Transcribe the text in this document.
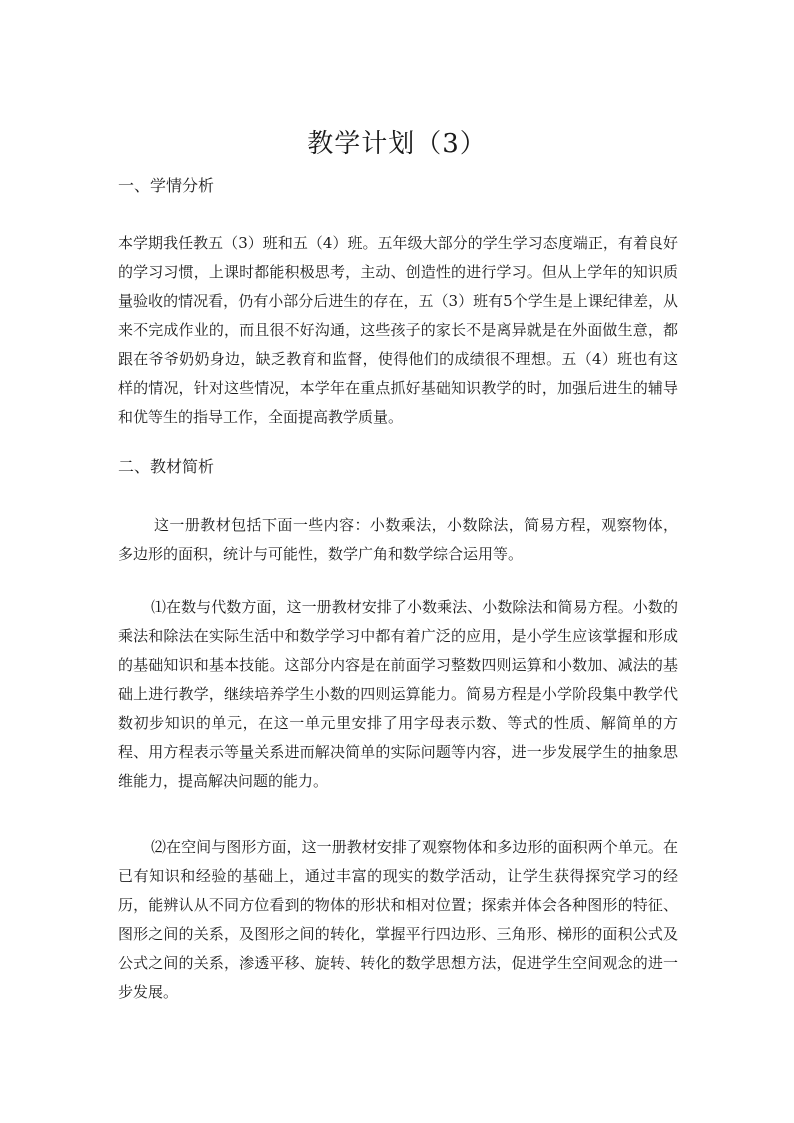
教学计划（3）
一、学情分析

本学期我任教五（3）班和五（4）班。五年级大部分的学生学习态度端正，有着良好的学习习惯，上课时都能积极思考，主动、创造性的进行学习。但从上学年的知识质量验收的情况看，仍有小部分后进生的存在，五（3）班有5个学生是上课纪律差，从来不完成作业的，而且很不好沟通，这些孩子的家长不是离异就是在外面做生意，都跟在爷爷奶奶身边，缺乏教育和监督，使得他们的成绩很不理想。五（4）班也有这样的情况，针对这些情况，本学年在重点抓好基础知识教学的时，加强后进生的辅导和优等生的指导工作，全面提高教学质量。

二、教材简析

这一册教材包括下面一些内容：小数乘法，小数除法，简易方程，观察物体，多边形的面积，统计与可能性，数学广角和数学综合运用等。

⑴在数与代数方面，这一册教材安排了小数乘法、小数除法和简易方程。小数的乘法和除法在实际生活中和数学学习中都有着广泛的应用，是小学生应该掌握和形成的基础知识和基本技能。这部分内容是在前面学习整数四则运算和小数加、减法的基础上进行教学，继续培养学生小数的四则运算能力。简易方程是小学阶段集中教学代数初步知识的单元，在这一单元里安排了用字母表示数、等式的性质、解简单的方程、用方程表示等量关系进而解决简单的实际问题等内容，进一步发展学生的抽象思维能力，提高解决问题的能力。

⑵在空间与图形方面，这一册教材安排了观察物体和多边形的面积两个单元。在已有知识和经验的基础上，通过丰富的现实的数学活动，让学生获得探究学习的经历，能辨认从不同方位看到的物体的形状和相对位置；探索并体会各种图形的特征、图形之间的关系，及图形之间的转化，掌握平行四边形、三角形、梯形的面积公式及公式之间的关系，渗透平移、旋转、转化的数学思想方法，促进学生空间观念的进一步发展。
